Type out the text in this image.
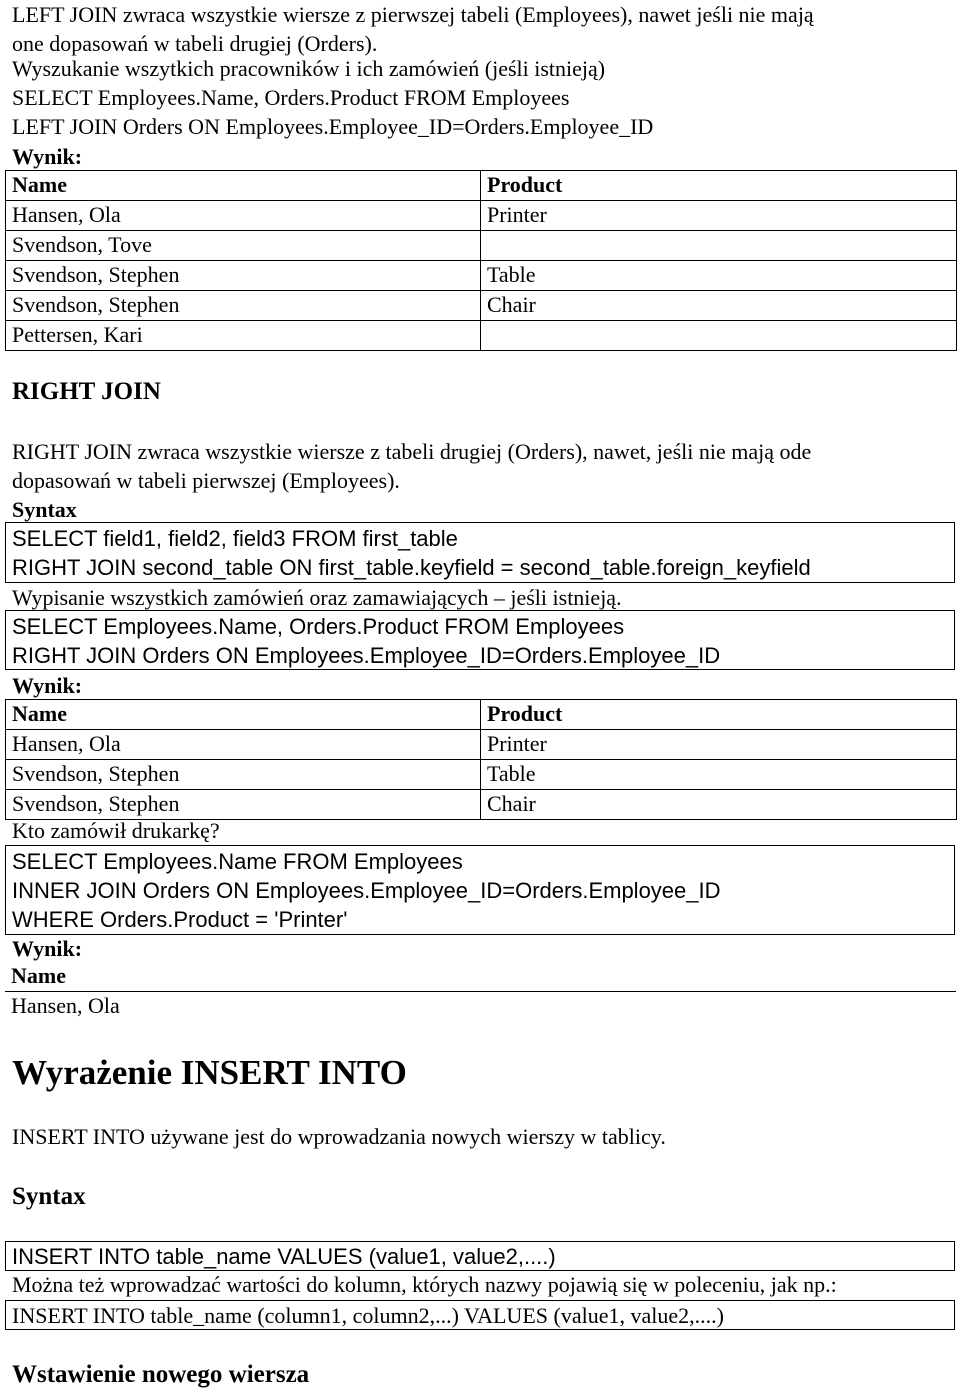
LEFT JOIN zwraca wszystkie wiersze z pierwszej tabeli (Employees), nawet jeśli nie mają
one dopasowań w tabeli drugiej (Orders).
Wyszukanie wszytkich pracowników i ich zamówień (jeśli istnieją)
SELECT Employees.Name, Orders.Product FROM Employees
LEFT JOIN Orders ON Employees.Employee_ID=Orders.Employee_ID
Wynik:
Name	Product
Hansen, Ola	Printer
Svendson, Tove	
Svendson, Stephen	Table
Svendson, Stephen	Chair
Pettersen, Kari	
RIGHT JOIN
RIGHT JOIN zwraca wszystkie wiersze z tabeli drugiej (Orders), nawet, jeśli nie mają ode
dopasowań w tabeli pierwszej (Employees).
Syntax
SELECT field1, field2, field3 FROM first_table
RIGHT JOIN second_table ON first_table.keyfield = second_table.foreign_keyfield
Wypisanie wszystkich zamówień oraz zamawiających – jeśli istnieją.
SELECT Employees.Name, Orders.Product FROM Employees
RIGHT JOIN Orders ON Employees.Employee_ID=Orders.Employee_ID
Wynik:
Name	Product
Hansen, Ola	Printer
Svendson, Stephen	Table
Svendson, Stephen	Chair
Kto zamówił drukarkę?
SELECT Employees.Name FROM Employees
INNER JOIN Orders ON Employees.Employee_ID=Orders.Employee_ID
WHERE Orders.Product = 'Printer'
Wynik:
Name
Hansen, Ola
Wyrażenie INSERT INTO
INSERT INTO używane jest do wprowadzania nowych wierszy w tablicy.
Syntax
INSERT INTO table_name VALUES (value1, value2,....)
Można też wprowadzać wartości do kolumn, których nazwy pojawią się w poleceniu, jak np.:
INSERT INTO table_name (column1, column2,...) VALUES (value1, value2,....)
Wstawienie nowego wiersza
